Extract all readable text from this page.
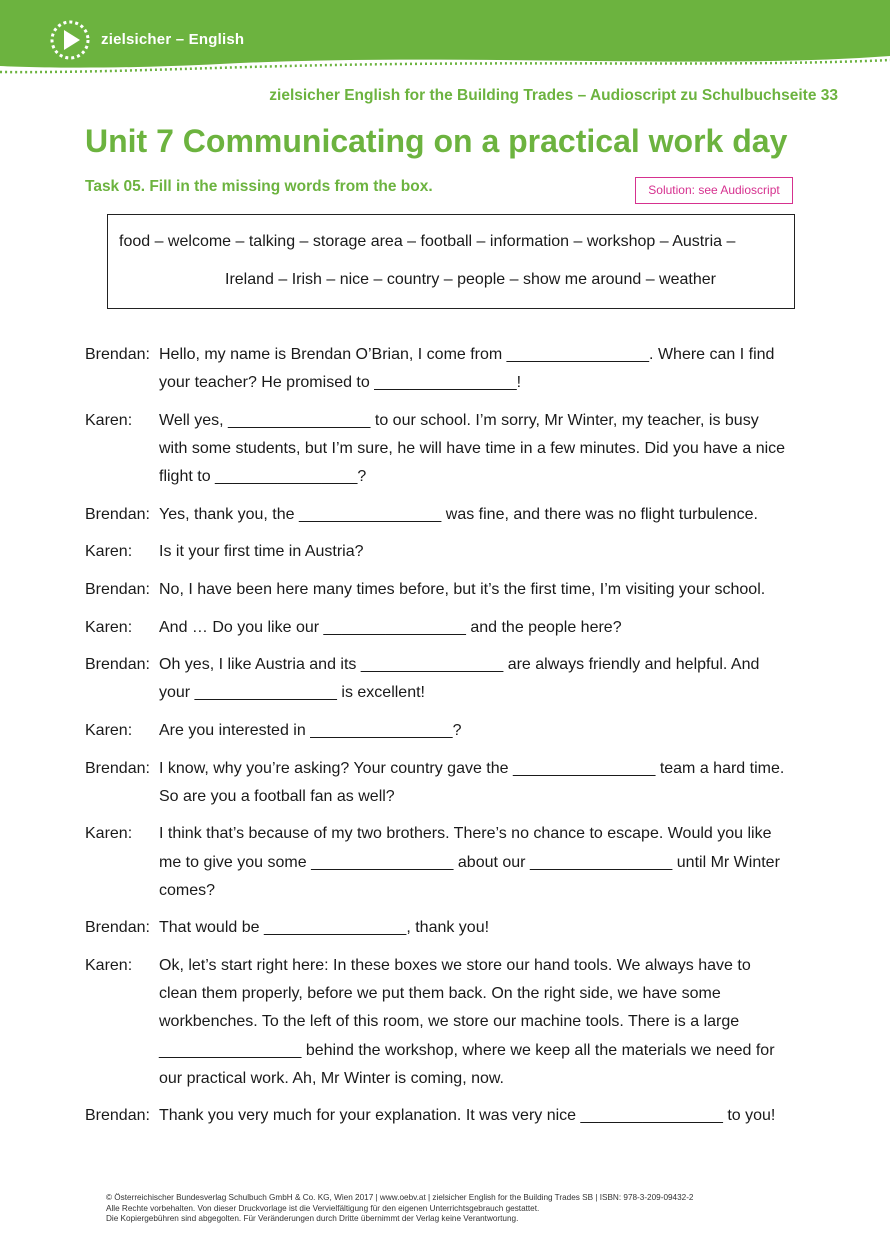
zielsicher – English
zielsicher English for the Building Trades – Audioscript zu Schulbuchseite 33
Unit 7 Communicating on a practical work day
Task 05. Fill in the missing words from the box.	Solution: see Audioscript
food – welcome – talking – storage area – football – information – workshop – Austria –
Ireland – Irish – nice – country – people – show me around – weather
Brendan: Hello, my name is Brendan O’Brian, I come from ________________. Where can I find your teacher? He promised to ________________!
Karen:	Well yes, ________________ to our school. I’m sorry, Mr Winter, my teacher, is busy with some students, but I’m sure, he will have time in a few minutes. Did you have a nice flight to ________________?
Brendan: Yes, thank you, the ________________ was fine, and there was no flight turbulence.
Karen:	Is it your first time in Austria?
Brendan: No, I have been here many times before, but it’s the first time, I’m visiting your school.
Karen:	And … Do you like our ________________ and the people here?
Brendan: Oh yes, I like Austria and its ________________ are always friendly and helpful. And your ________________ is excellent!
Karen:	Are you interested in ________________?
Brendan: I know, why you’re asking? Your country gave the ________________ team a hard time. So are you a football fan as well?
Karen:	I think that’s because of my two brothers. There’s no chance to escape. Would you like me to give you some ________________ about our ________________ until Mr Winter comes?
Brendan: That would be ________________, thank you!
Karen:	Ok, let’s start right here: In these boxes we store our hand tools. We always have to clean them properly, before we put them back. On the right side, we have some workbenches. To the left of this room, we store our machine tools. There is a large ________________ behind the workshop, where we keep all the materials we need for our practical work. Ah, Mr Winter is coming, now.
Brendan: Thank you very much for your explanation. It was very nice ________________ to you!
© Österreichischer Bundesverlag Schulbuch GmbH & Co. KG, Wien 2017 | www.oebv.at | zielsicher English for the Building Trades SB | ISBN: 978-3-209-09432-2
Alle Rechte vorbehalten. Von dieser Druckvorlage ist die Vervielfältigung für den eigenen Unterrichtsgebrauch gestattet.
Die Kopiergebühren sind abgegolten. Für Veränderungen durch Dritte übernimmt der Verlag keine Verantwortung.
